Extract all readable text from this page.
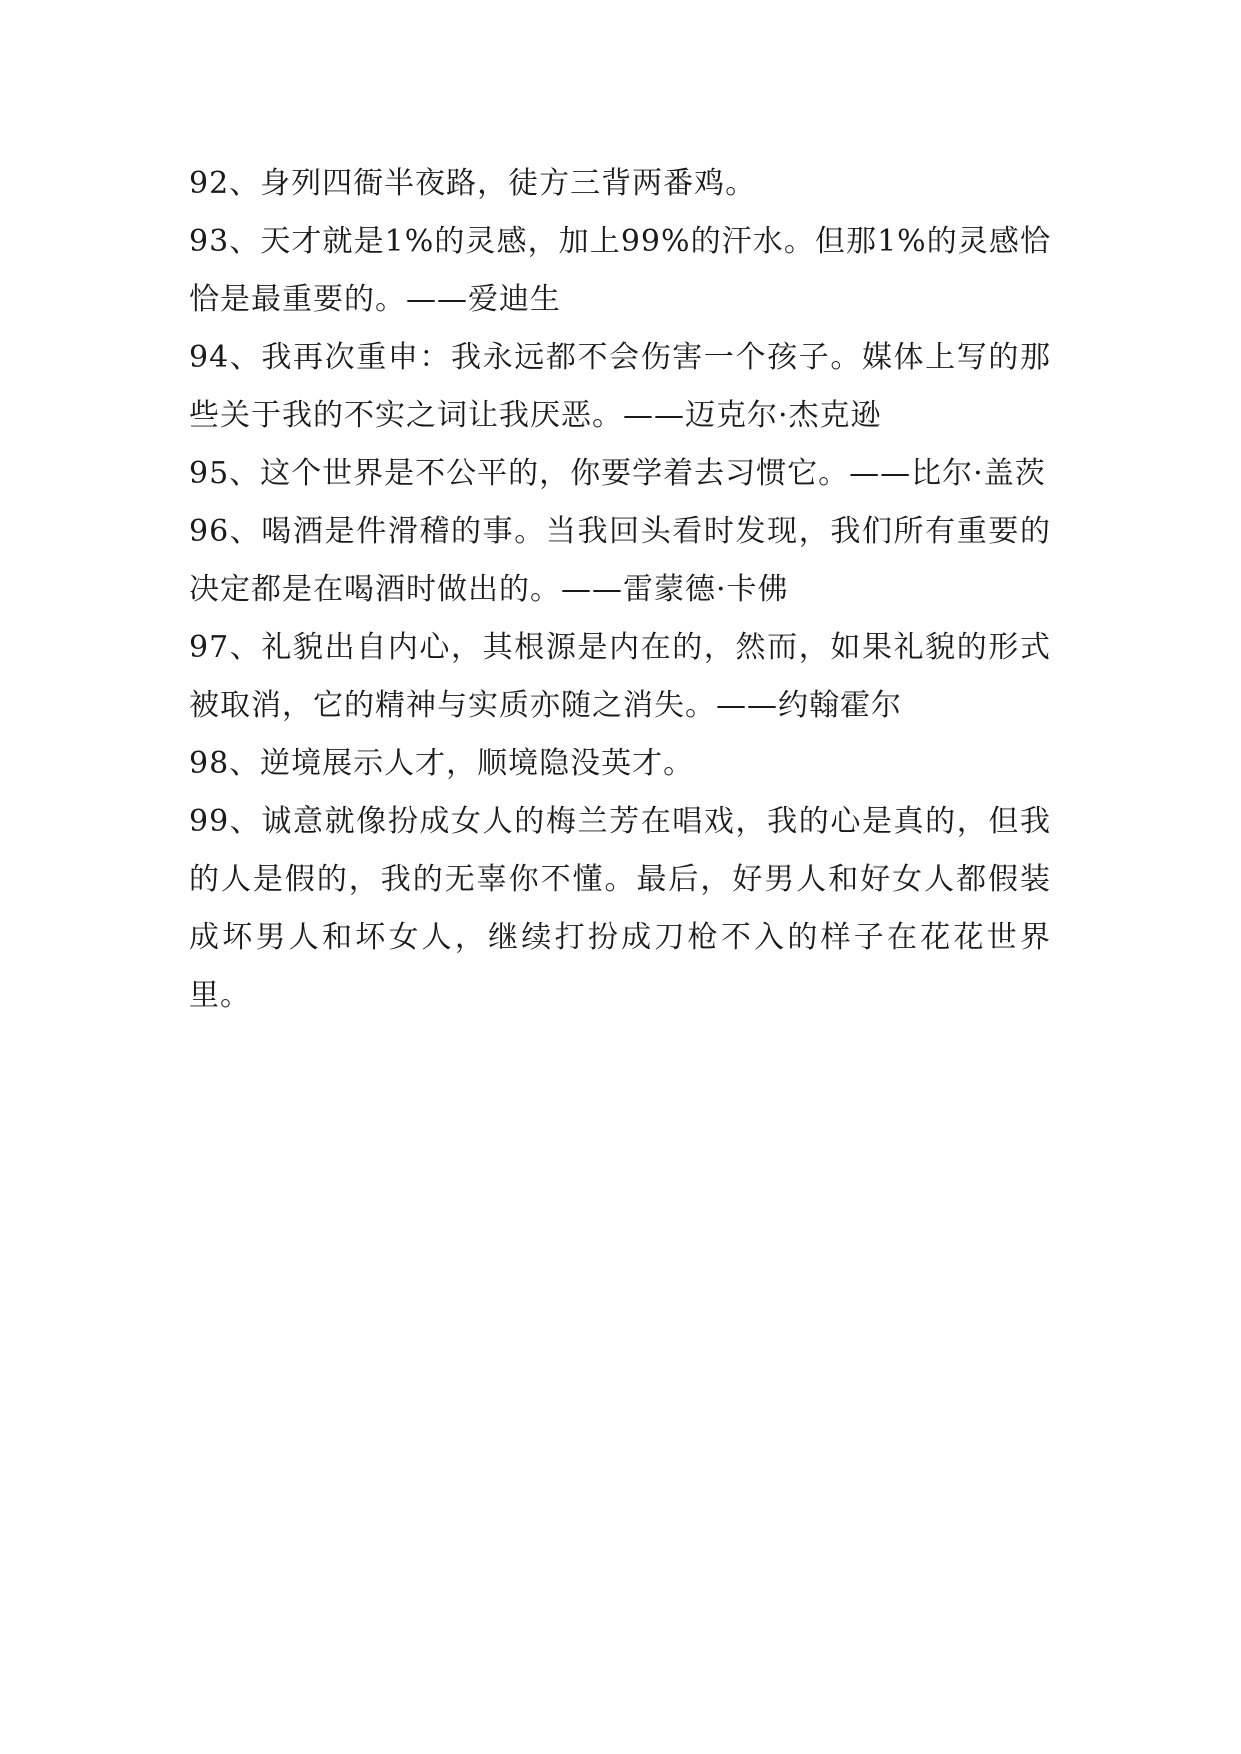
92、身列四衙半夜路，徒方三背两番鸡。

93、天才就是1%的灵感，加上99%的汗水。但那1%的灵感恰恰是最重要的。——爱迪生

94、我再次重申：我永远都不会伤害一个孩子。媒体上写的那些关于我的不实之词让我厌恶。——迈克尔·杰克逊

95、这个世界是不公平的，你要学着去习惯它。——比尔·盖茨

96、喝酒是件滑稽的事。当我回头看时发现，我们所有重要的决定都是在喝酒时做出的。——雷蒙德·卡佛

97、礼貌出自内心，其根源是内在的，然而，如果礼貌的形式被取消，它的精神与实质亦随之消失。——约翰霍尔

98、逆境展示人才，顺境隐没英才。

99、诚意就像扮成女人的梅兰芳在唱戏，我的心是真的，但我的人是假的，我的无辜你不懂。最后，好男人和好女人都假装成坏男人和坏女人，继续打扮成刀枪不入的样子在花花世界里。
